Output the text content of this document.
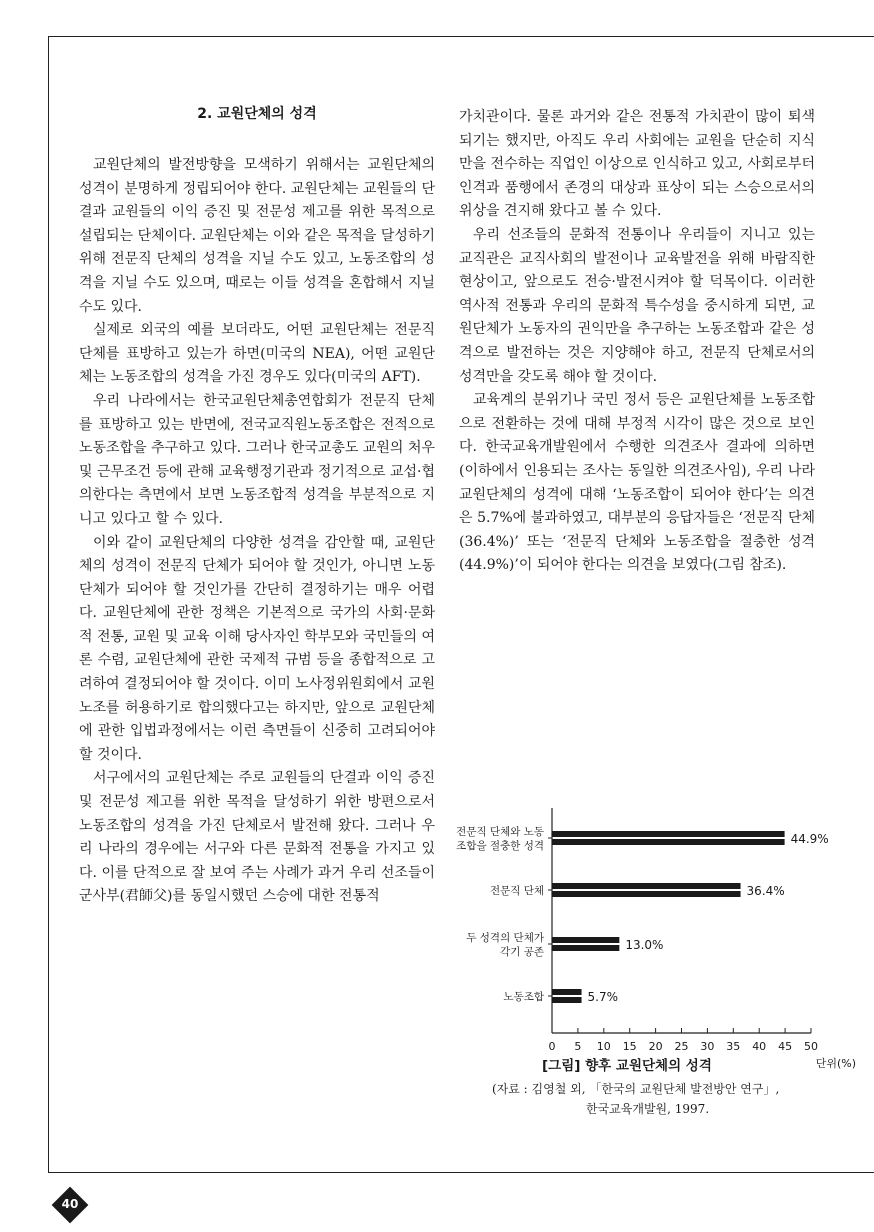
2. 교원단체의 성격

교원단체의 발전방향을 모색하기 위해서는 교원단체의 성격이 분명하게 정립되어야 한다. 교원단체는 교원들의 단결과 교원들의 이익 증진 및 전문성 제고를 위한 목적으로 설립되는 단체이다. 교원단체는 이와 같은 목적을 달성하기 위해 전문직 단체의 성격을 지닐 수도 있고, 노동조합의 성격을 지닐 수도 있으며, 때로는 이들 성격을 혼합해서 지닐 수도 있다.

실제로 외국의 예를 보더라도, 어떤 교원단체는 전문직 단체를 표방하고 있는가 하면(미국의 NEA), 어떤 교원단체는 노동조합의 성격을 가진 경우도 있다(미국의 AFT).

우리 나라에서는 한국교원단체총연합회가 전문직 단체를 표방하고 있는 반면에, 전국교직원노동조합은 전적으로 노동조합을 추구하고 있다. 그러나 한국교총도 교원의 처우 및 근무조건 등에 관해 교육행정기관과 정기적으로 교섭·협의한다는 측면에서 보면 노동조합적 성격을 부분적으로 지니고 있다고 할 수 있다.

이와 같이 교원단체의 다양한 성격을 감안할 때, 교원단체의 성격이 전문직 단체가 되어야 할 것인가, 아니면 노동단체가 되어야 할 것인가를 간단히 결정하기는 매우 어렵다. 교원단체에 관한 정책은 기본적으로 국가의 사회·문화적 전통, 교원 및 교육 이해 당사자인 학부모와 국민들의 여론 수렴, 교원단체에 관한 국제적 규범 등을 종합적으로 고려하여 결정되어야 할 것이다. 이미 노사정위원회에서 교원노조를 허용하기로 합의했다고는 하지만, 앞으로 교원단체에 관한 입법과정에서는 이런 측면들이 신중히 고려되어야 할 것이다.

서구에서의 교원단체는 주로 교원들의 단결과 이익 증진 및 전문성 제고를 위한 목적을 달성하기 위한 방편으로서 노동조합의 성격을 가진 단체로서 발전해 왔다. 그러나 우리 나라의 경우에는 서구와 다른 문화적 전통을 가지고 있다. 이를 단적으로 잘 보여 주는 사례가 과거 우리 선조들이 군사부(君師父)를 동일시했던 스승에 대한 전통적

가치관이다. 물론 과거와 같은 전통적 가치관이 많이 퇴색되기는 했지만, 아직도 우리 사회에는 교원을 단순히 지식만을 전수하는 직업인 이상으로 인식하고 있고, 사회로부터 인격과 품행에서 존경의 대상과 표상이 되는 스승으로서의 위상을 견지해 왔다고 볼 수 있다.

우리 선조들의 문화적 전통이나 우리들이 지니고 있는 교직관은 교직사회의 발전이나 교육발전을 위해 바람직한 현상이고, 앞으로도 전승·발전시켜야 할 덕목이다. 이러한 역사적 전통과 우리의 문화적 특수성을 중시하게 되면, 교원단체가 노동자의 권익만을 추구하는 노동조합과 같은 성격으로 발전하는 것은 지양해야 하고, 전문직 단체로서의 성격만을 갖도록 해야 할 것이다.

교육계의 분위기나 국민 정서 등은 교원단체를 노동조합으로 전환하는 것에 대해 부정적 시각이 많은 것으로 보인다. 한국교육개발원에서 수행한 의견조사 결과에 의하면(이하에서 인용되는 조사는 동일한 의견조사임), 우리 나라 교원단체의 성격에 대해 ‘노동조합이 되어야 한다’는 의견은 5.7%에 불과하였고, 대부분의 응답자들은 ‘전문직 단체(36.4%)’ 또는 ‘전문직 단체와 노동조합을 절충한 성격(44.9%)’이 되어야 한다는 의견을 보였다(그림 참조).

0 5 10 15 20 25 30 35 40 45 50
전문직 단체와 노동
조합을 절충한 성격	44.9%
전문직 단체	36.4%
두 성격의 단체가
각기 공존	13.0%
노동조합	5.7%
[그림] 향후 교원단체의 성격	단위(%)
(자료 : 김영철 외, 「한국의 교원단체 발전방안 연구」,
한국교육개발원, 1997.
40
